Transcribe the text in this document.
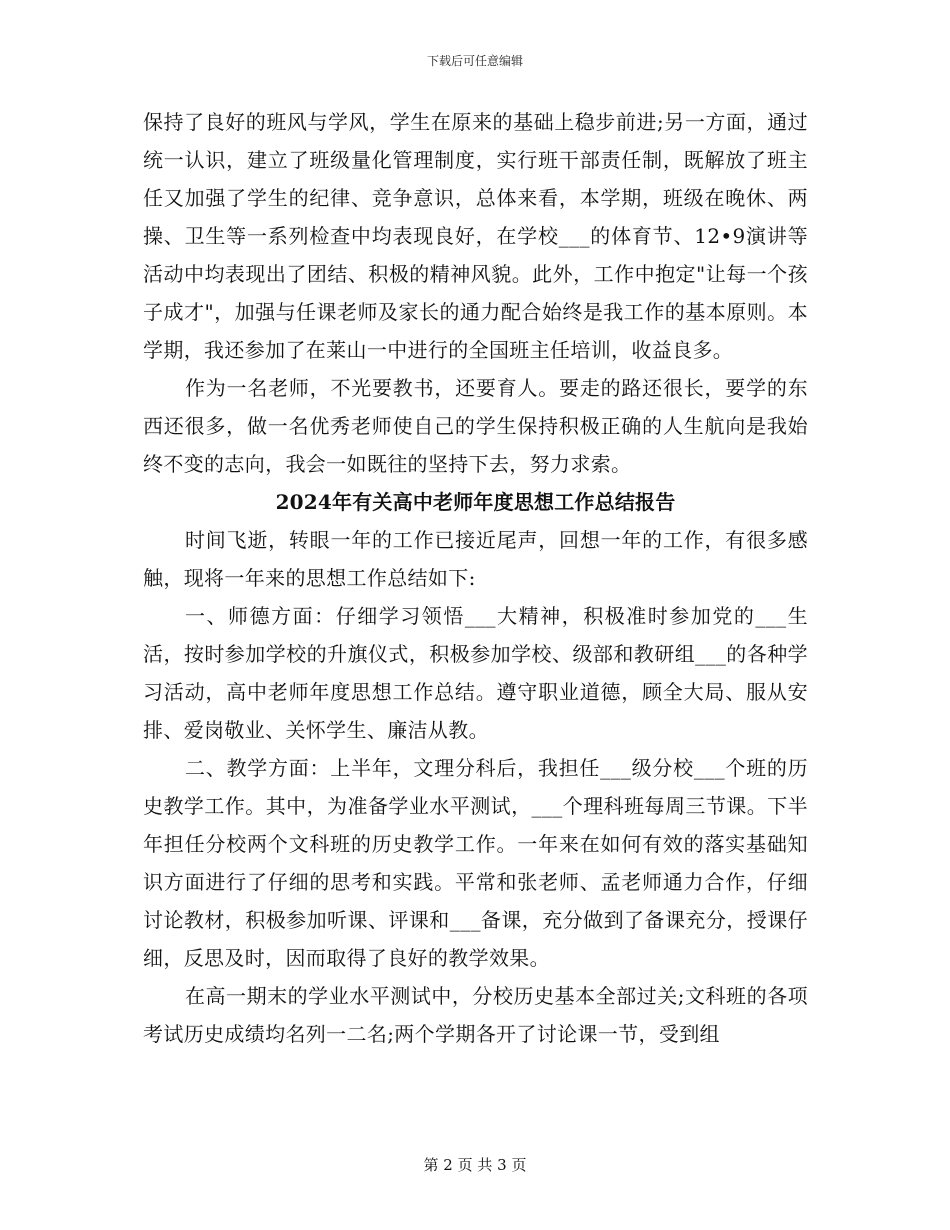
下载后可任意编辑

保持了良好的班风与学风，学生在原来的基础上稳步前进;另一方面，通过统一认识，建立了班级量化管理制度，实行班干部责任制，既解放了班主任又加强了学生的纪律、竞争意识，总体来看，本学期，班级在晚休、两操、卫生等一系列检查中均表现良好，在学校___的体育节、12•9演讲等活动中均表现出了团结、积极的精神风貌。此外，工作中抱定"让每一个孩子成才"，加强与任课老师及家长的通力配合始终是我工作的基本原则。本学期，我还参加了在莱山一中进行的全国班主任培训，收益良多。

作为一名老师，不光要教书，还要育人。要走的路还很长，要学的东西还很多，做一名优秀老师使自己的学生保持积极正确的人生航向是我始终不变的志向，我会一如既往的坚持下去，努力求索。

2024年有关高中老师年度思想工作总结报告

时间飞逝，转眼一年的工作已接近尾声，回想一年的工作，有很多感触，现将一年来的思想工作总结如下:

一、师德方面：仔细学习领悟___大精神，积极准时参加党的___生活，按时参加学校的升旗仪式，积极参加学校、级部和教研组___的各种学习活动，高中老师年度思想工作总结。遵守职业道德，顾全大局、服从安排、爱岗敬业、关怀学生、廉洁从教。

二、教学方面：上半年，文理分科后，我担任___级分校___个班的历史教学工作。其中，为准备学业水平测试，___个理科班每周三节课。下半年担任分校两个文科班的历史教学工作。一年来在如何有效的落实基础知识方面进行了仔细的思考和实践。平常和张老师、孟老师通力合作，仔细讨论教材，积极参加听课、评课和___备课，充分做到了备课充分，授课仔细，反思及时，因而取得了良好的教学效果。

在高一期末的学业水平测试中，分校历史基本全部过关;文科班的各项考试历史成绩均名列一二名;两个学期各开了讨论课一节，受到组

第 2 页 共 3 页
